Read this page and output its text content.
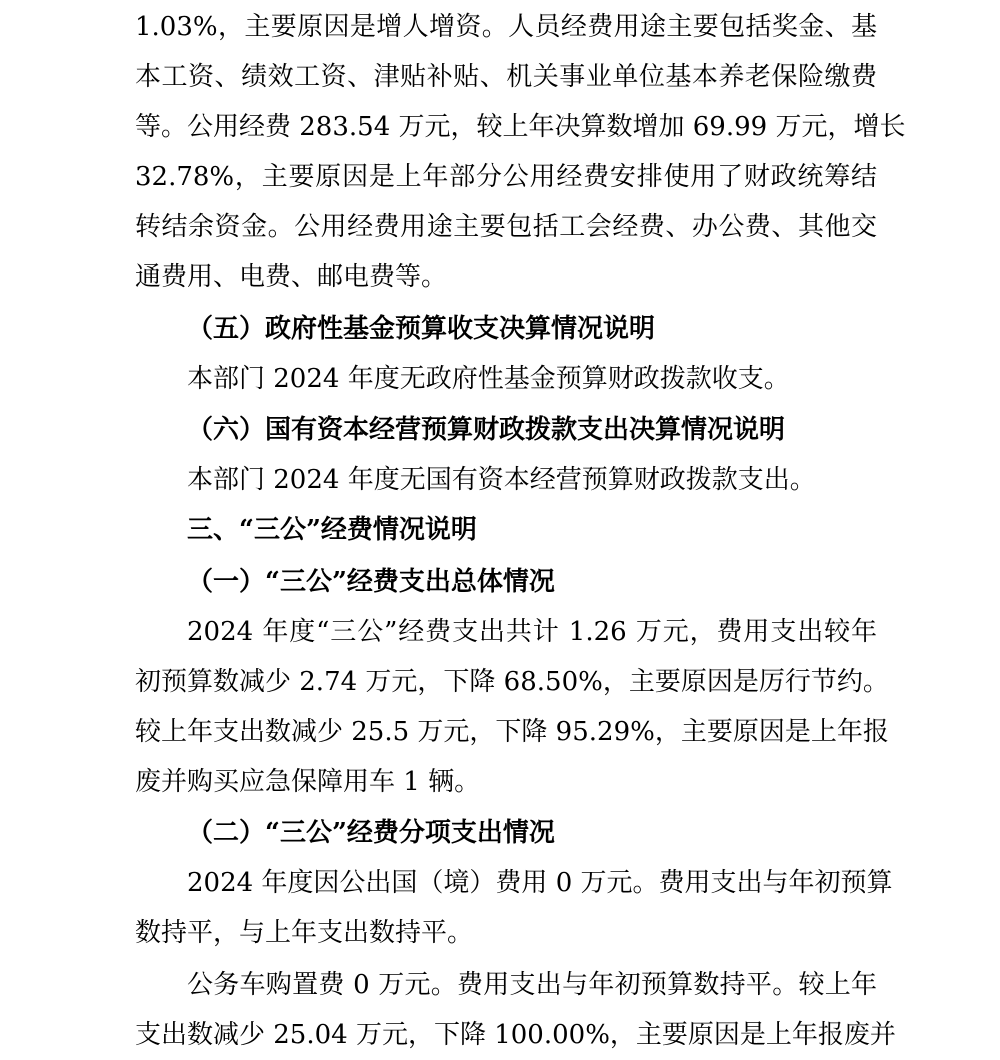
1.03%，主要原因是增人增资。人员经费用途主要包括奖金、基
本工资、绩效工资、津贴补贴、机关事业单位基本养老保险缴费
等。公用经费 283.54 万元，较上年决算数增加 69.99 万元，增长
32.78%，主要原因是上年部分公用经费安排使用了财政统筹结
转结余资金。公用经费用途主要包括工会经费、办公费、其他交
通费用、电费、邮电费等。
（五）政府性基金预算收支决算情况说明
本部门 2024 年度无政府性基金预算财政拨款收支。
（六）国有资本经营预算财政拨款支出决算情况说明
本部门 2024 年度无国有资本经营预算财政拨款支出。
三、“三公”经费情况说明
（一）“三公”经费支出总体情况
2024 年度“三公”经费支出共计 1.26 万元，费用支出较年
初预算数减少 2.74 万元，下降 68.50%，主要原因是厉行节约。
较上年支出数减少 25.5 万元，下降 95.29%，主要原因是上年报
废并购买应急保障用车 1 辆。
（二）“三公”经费分项支出情况
2024 年度因公出国（境）费用 0 万元。费用支出与年初预算
数持平，与上年支出数持平。
公务车购置费 0 万元。费用支出与年初预算数持平。较上年
支出数减少 25.04 万元，下降 100.00%，主要原因是上年报废并
